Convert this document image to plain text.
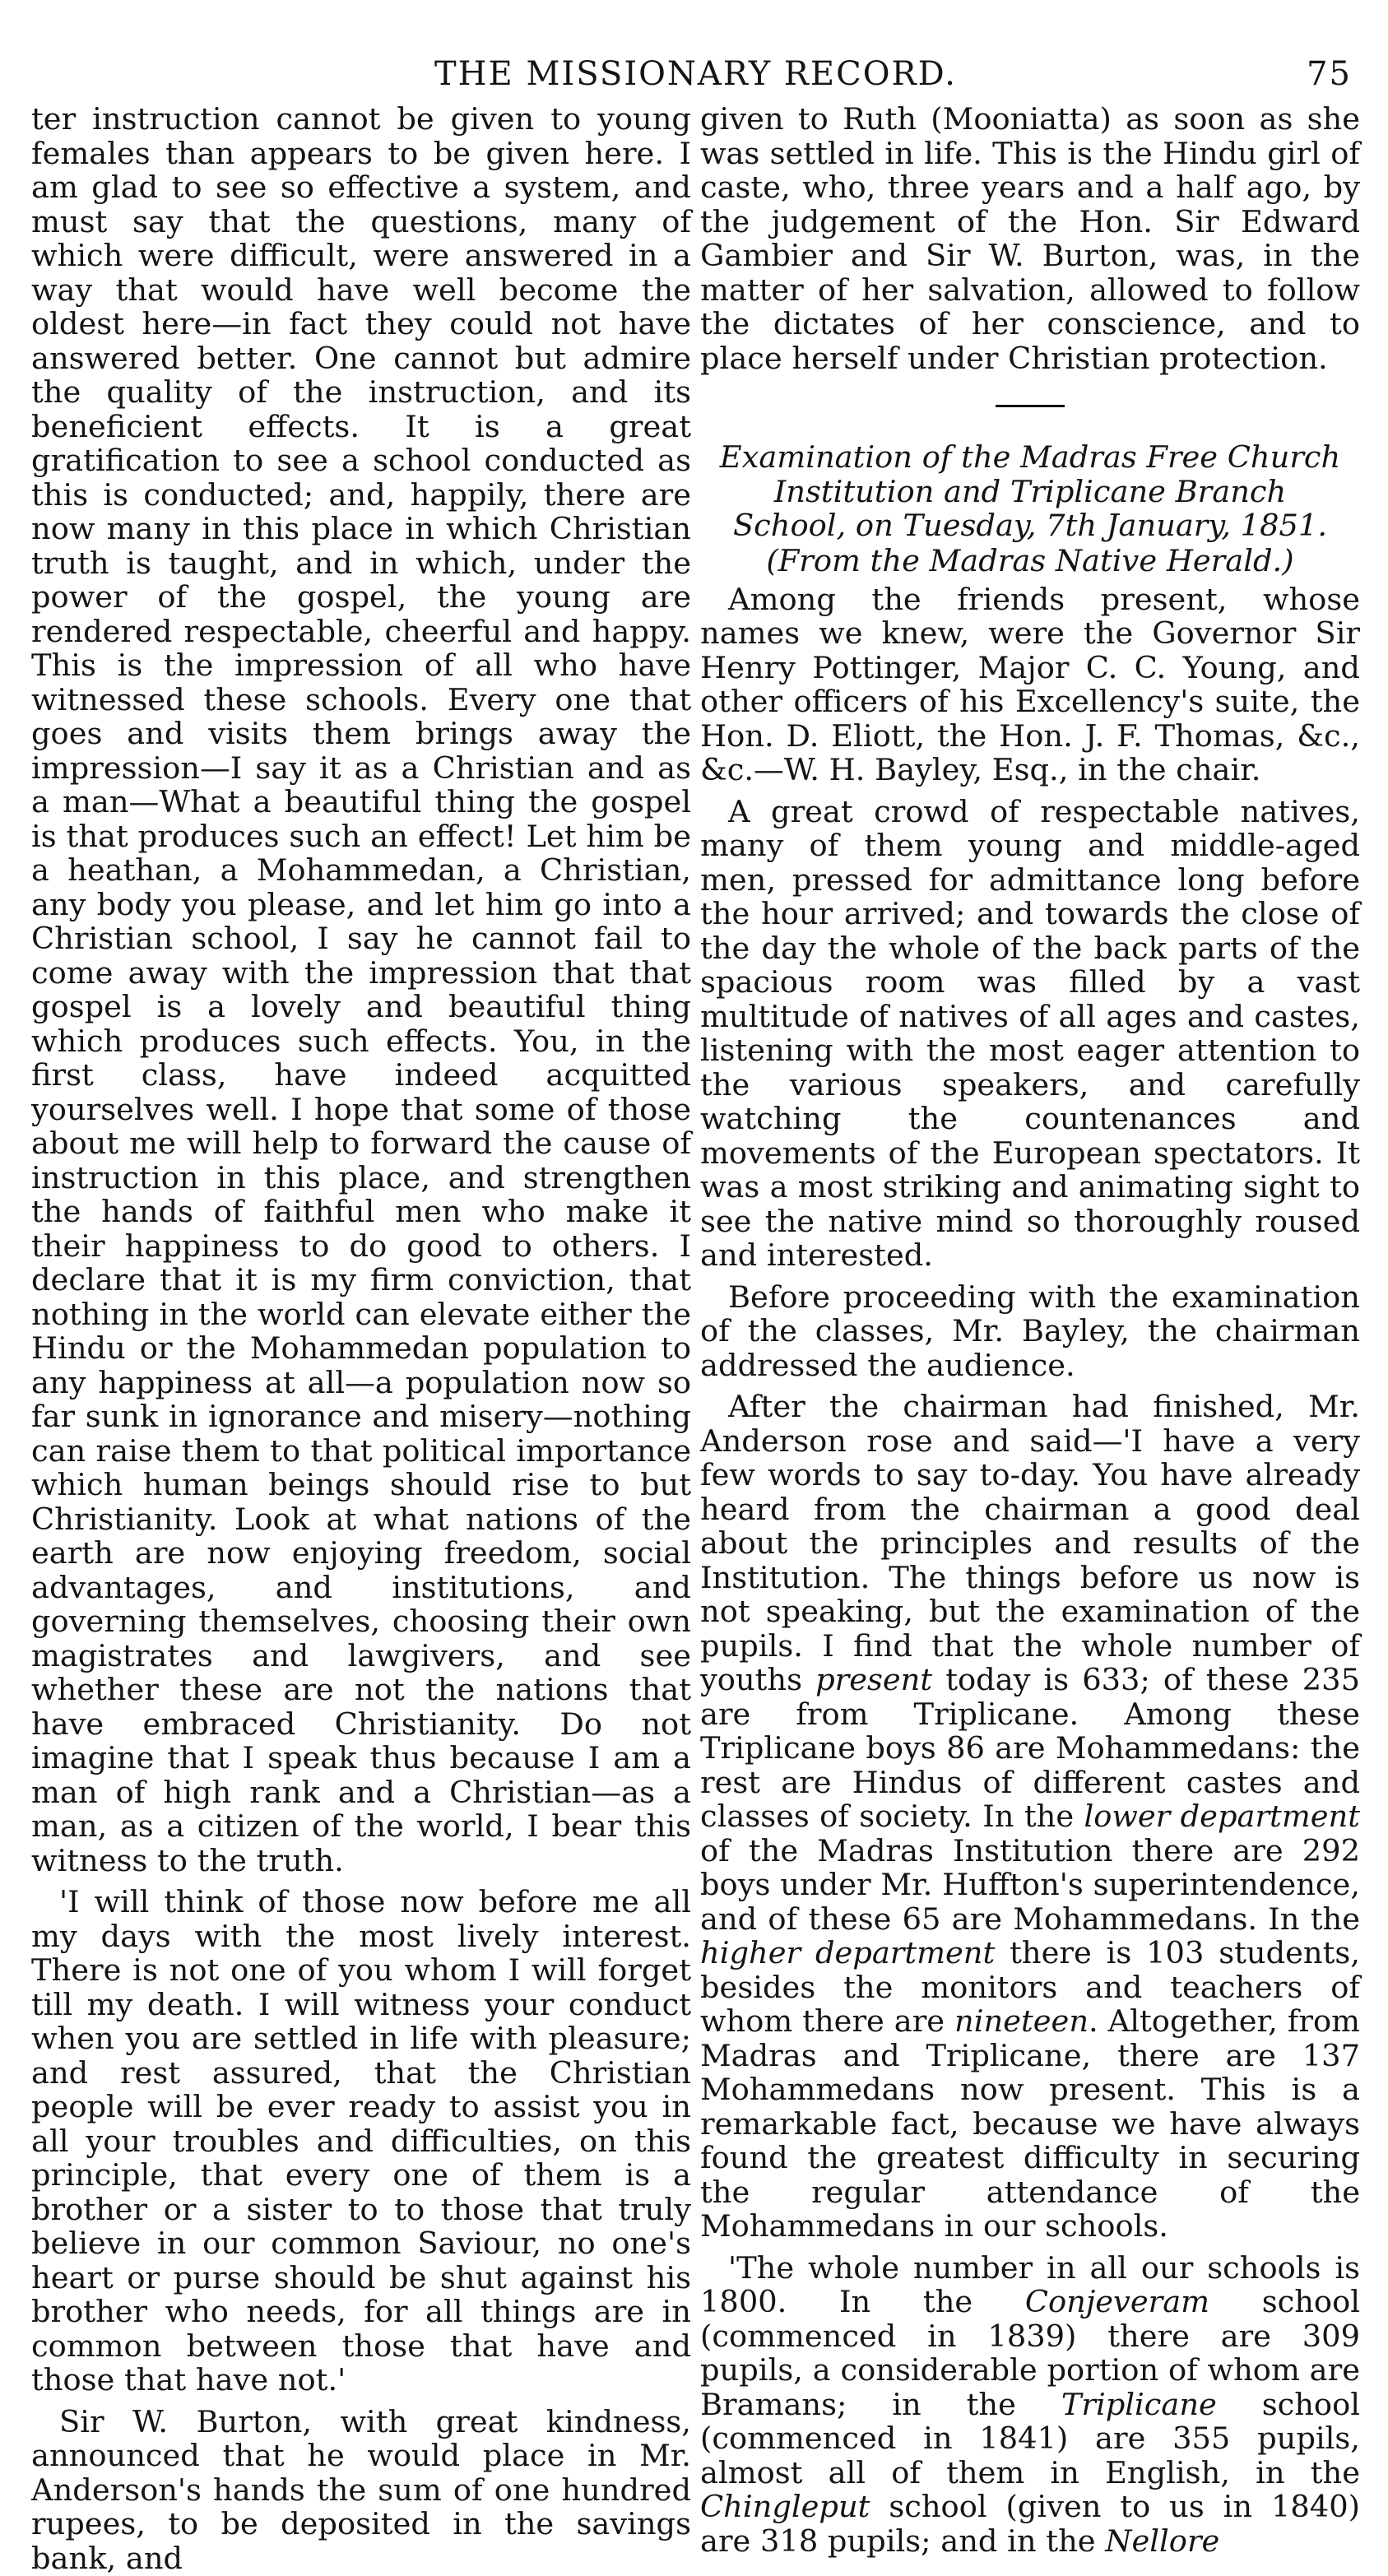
THE MISSIONARY RECORD.	75

ter instruction cannot be given to young females than appears to be given here. I am glad to see so effective a system, and must say that the questions, many of which were difficult, were answered in a way that would have well become the oldest here—in fact they could not have answered better. One cannot but admire the quality of the instruction, and its beneficient effects. It is a great gratification to see a school conducted as this is conducted; and, happily, there are now many in this place in which Christian truth is taught, and in which, under the power of the gospel, the young are rendered respectable, cheerful and happy. This is the impression of all who have witnessed these schools. Every one that goes and visits them brings away the impression—I say it as a Christian and as a man—What a beautiful thing the gospel is that produces such an effect! Let him be a heathan, a Mohammedan, a Christian, any body you please, and let him go into a Christian school, I say he cannot fail to come away with the impression that that gospel is a lovely and beautiful thing which produces such effects. You, in the first class, have indeed acquitted yourselves well. I hope that some of those about me will help to forward the cause of instruction in this place, and strengthen the hands of faithful men who make it their happiness to do good to others. I declare that it is my firm conviction, that nothing in the world can elevate either the Hindu or the Mohammedan population to any happiness at all—a population now so far sunk in ignorance and misery—nothing can raise them to that political importance which human beings should rise to but Christianity. Look at what nations of the earth are now enjoying freedom, social advantages, and institutions, and governing themselves, choosing their own magistrates and lawgivers, and see whether these are not the nations that have embraced Christianity. Do not imagine that I speak thus because I am a man of high rank and a Christian—as a man, as a citizen of the world, I bear this witness to the truth.

'I will think of those now before me all my days with the most lively interest. There is not one of you whom I will forget till my death. I will witness your conduct when you are settled in life with pleasure; and rest assured, that the Christian people will be ever ready to assist you in all your troubles and difficulties, on this principle, that every one of them is a brother or a sister to to those that truly believe in our common Saviour, no one's heart or purse should be shut against his brother who needs, for all things are in common between those that have and those that have not.'

Sir W. Burton, with great kindness, announced that he would place in Mr. Anderson's hands the sum of one hundred rupees, to be deposited in the savings bank, and

given to Ruth (Mooniatta) as soon as she was settled in life. This is the Hindu girl of caste, who, three years and a half ago, by the judgement of the Hon. Sir Edward Gambier and Sir W. Burton, was, in the matter of her salvation, allowed to follow the dictates of her conscience, and to place herself under Christian protection.

Examination of the Madras Free Church Institution and Triplicane Branch School, on Tuesday, 7th January, 1851.
(From the Madras Native Herald.)

Among the friends present, whose names we knew, were the Governor Sir Henry Pottinger, Major C. C. Young, and other officers of his Excellency's suite, the Hon. D. Eliott, the Hon. J. F. Thomas, &c., &c.—W. H. Bayley, Esq., in the chair.

A great crowd of respectable natives, many of them young and middle-aged men, pressed for admittance long before the hour arrived; and towards the close of the day the whole of the back parts of the spacious room was filled by a vast multitude of natives of all ages and castes, listening with the most eager attention to the various speakers, and carefully watching the countenances and movements of the European spectators. It was a most striking and animating sight to see the native mind so thoroughly roused and interested.

Before proceeding with the examination of the classes, Mr. Bayley, the chairman addressed the audience.

After the chairman had finished, Mr. Anderson rose and said—'I have a very few words to say to-day. You have already heard from the chairman a good deal about the principles and results of the Institution. The things before us now is not speaking, but the examination of the pupils. I find that the whole number of youths present today is 633; of these 235 are from Triplicane. Among these Triplicane boys 86 are Mohammedans: the rest are Hindus of different castes and classes of society. In the lower department of the Madras Institution there are 292 boys under Mr. Huffton's superintendence, and of these 65 are Mohammedans. In the higher department there is 103 students, besides the monitors and teachers of whom there are nineteen. Altogether, from Madras and Triplicane, there are 137 Mohammedans now present. This is a remarkable fact, because we have always found the greatest difficulty in securing the regular attendance of the Mohammedans in our schools.

'The whole number in all our schools is 1800. In the Conjeveram school (commenced in 1839) there are 309 pupils, a considerable portion of whom are Bramans; in the Triplicane school (commenced in 1841) are 355 pupils, almost all of them in English, in the Chingleput school (given to us in 1840) are 318 pupils; and in the Nellore
